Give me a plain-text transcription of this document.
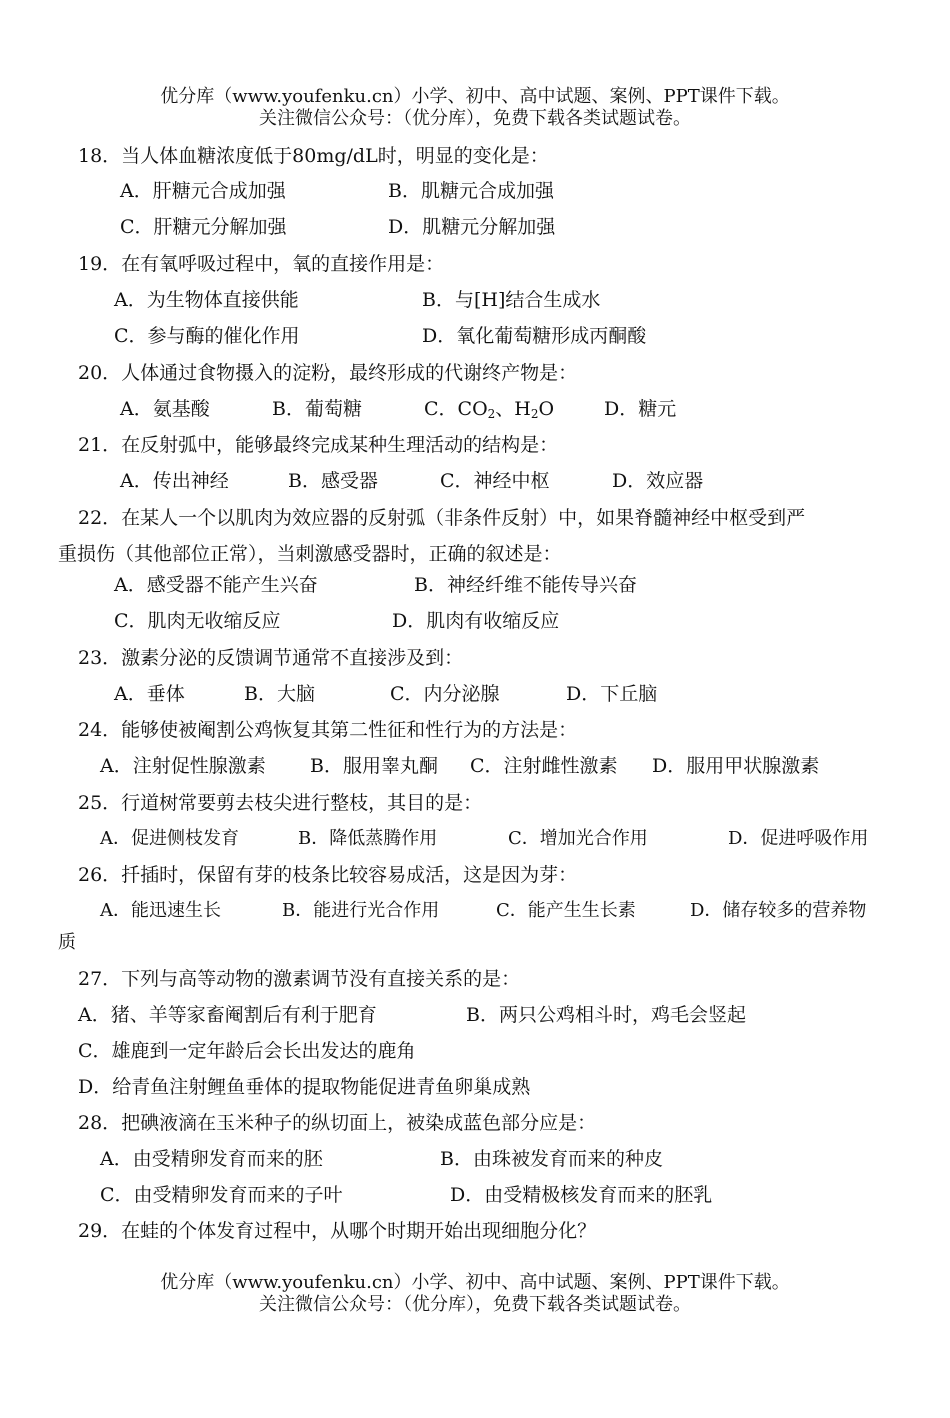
优分库（www.youfenku.cn）小学、初中、高中试题、案例、PPT课件下载。
关注微信公众号：（优分库），免费下载各类试题试卷。
18．当人体血糖浓度低于80mg/dL时，明显的变化是：
A．肝糖元合成加强	B．肌糖元合成加强
C．肝糖元分解加强	D．肌糖元分解加强
19．在有氧呼吸过程中，氧的直接作用是：
A．为生物体直接供能	B．与[H]结合生成水
C．参与酶的催化作用	D．氧化葡萄糖形成丙酮酸
20．人体通过食物摄入的淀粉，最终形成的代谢终产物是：
A．氨基酸	B．葡萄糖	C．$CO_2$、$H_2O$	D．糖元
21．在反射弧中，能够最终完成某种生理活动的结构是：
A．传出神经	B．感受器	C．神经中枢	D．效应器
22．在某人一个以肌肉为效应器的反射弧（非条件反射）中，如果脊髓神经中枢受到严
重损伤（其他部位正常），当刺激感受器时，正确的叙述是：
A．感受器不能产生兴奋	B．神经纤维不能传导兴奋
C．肌肉无收缩反应	D．肌肉有收缩反应
23．激素分泌的反馈调节通常不直接涉及到：
A．垂体	B．大脑	C．内分泌腺	D．下丘脑
24．能够使被阉割公鸡恢复其第二性征和性行为的方法是：
A．注射促性腺激素 B．服用睾丸酮 C．注射雌性激素 D．服用甲状腺激素
25．行道树常要剪去枝尖进行整枝，其目的是：
A．促进侧枝发育	B．降低蒸腾作用	C．增加光合作用	D．促进呼吸作用
26．扦插时，保留有芽的枝条比较容易成活，这是因为芽：
A．能迅速生长	B．能进行光合作用	C．能产生生长素	D．储存较多的营养物
质
27．下列与高等动物的激素调节没有直接关系的是：
A．猪、羊等家畜阉割后有利于肥育	B．两只公鸡相斗时，鸡毛会竖起
C．雄鹿到一定年龄后会长出发达的鹿角
D．给青鱼注射鲤鱼垂体的提取物能促进青鱼卵巢成熟
28．把碘液滴在玉米种子的纵切面上，被染成蓝色部分应是：
A．由受精卵发育而来的胚	B．由珠被发育而来的种皮
C．由受精卵发育而来的子叶	D．由受精极核发育而来的胚乳
29．在蛙的个体发育过程中，从哪个时期开始出现细胞分化？
优分库（www.youfenku.cn）小学、初中、高中试题、案例、PPT课件下载。
关注微信公众号：（优分库），免费下载各类试题试卷。
